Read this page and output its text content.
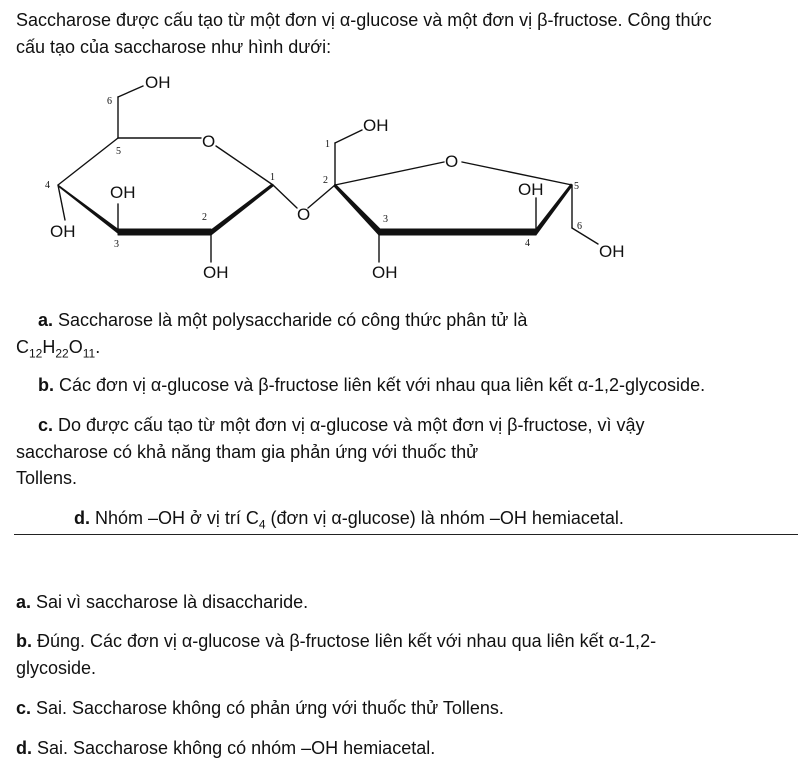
Saccharose được cấu tạo từ một đơn vị α-glucose và một đơn vị β-fructose. Công thức
cấu tạo của saccharose như hình dưới:
OH
O
OH
OH
OH
O
OH
O
OH
OH
OH
6
5
4
3
2
1
1
2
3
4
5
6
a. Saccharose là một polysaccharide có công thức phân tử là
$C_{12}H_{22}O_{11}$.
b. Các đơn vị α-glucose và β-fructose liên kết với nhau qua liên kết α-1,2-glycoside.
c. Do được cấu tạo từ một đơn vị α-glucose và một đơn vị β-fructose, vì vậy
saccharose có khả năng tham gia phản ứng với thuốc thử
Tollens.
d. Nhóm –OH ở vị trí $C_4$ (đơn vị α-glucose) là nhóm –OH hemiacetal.
a. Sai vì saccharose là disaccharide.
b. Đúng. Các đơn vị α-glucose và β-fructose liên kết với nhau qua liên kết α-1,2-
glycoside.
c. Sai. Saccharose không có phản ứng với thuốc thử Tollens.
d. Sai. Saccharose không có nhóm –OH hemiacetal.
